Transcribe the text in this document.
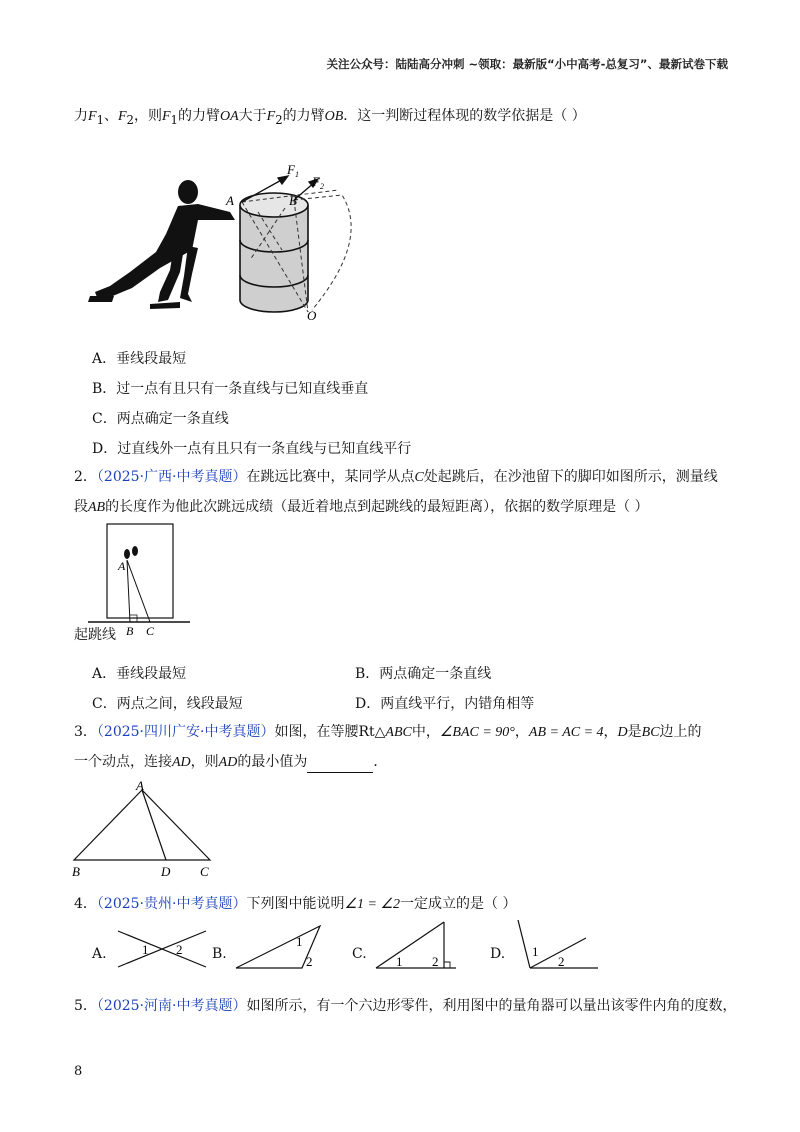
关注公众号：陆陆高分冲刺 ~领取：最新版“小中高考-总复习”、最新试卷下载
力$F_1$、$F_2$，则$F_1$的力臂OA大于$F_2$的力臂OB．这一判断过程体现的数学依据是（ ）
A	B
$F_1$ $F_2$
O
A．垂线段最短
B．过一点有且只有一条直线与已知直线垂直
C．两点确定一条直线
D．过直线外一点有且只有一条直线与已知直线平行
2．（2025·广西·中考真题）在跳远比赛中，某同学从点C处起跳后，在沙池留下的脚印如图所示，测量线
段AB的长度作为他此次跳远成绩（最近着地点到起跳线的最短距离），依据的数学原理是（ ）
A
B C
起跳线
A．垂线段最短	B．两点确定一条直线
C．两点之间，线段最短	D．两直线平行，内错角相等
3．（2025·四川广安·中考真题）如图，在等腰Rt△ABC中，∠BAC = 90°，AB = AC = 4，D是BC边上的
一个动点，连接AD，则AD的最小值为	．
A
B	D C
4．（2025·贵州·中考真题）下列图中能说明∠1 = ∠2一定成立的是（ ）
A.	1 2 B.
1
2	C. 1 2	D. 1
2
5．（2025·河南·中考真题）如图所示，有一个六边形零件，利用图中的量角器可以量出该零件内角的度数，
8
